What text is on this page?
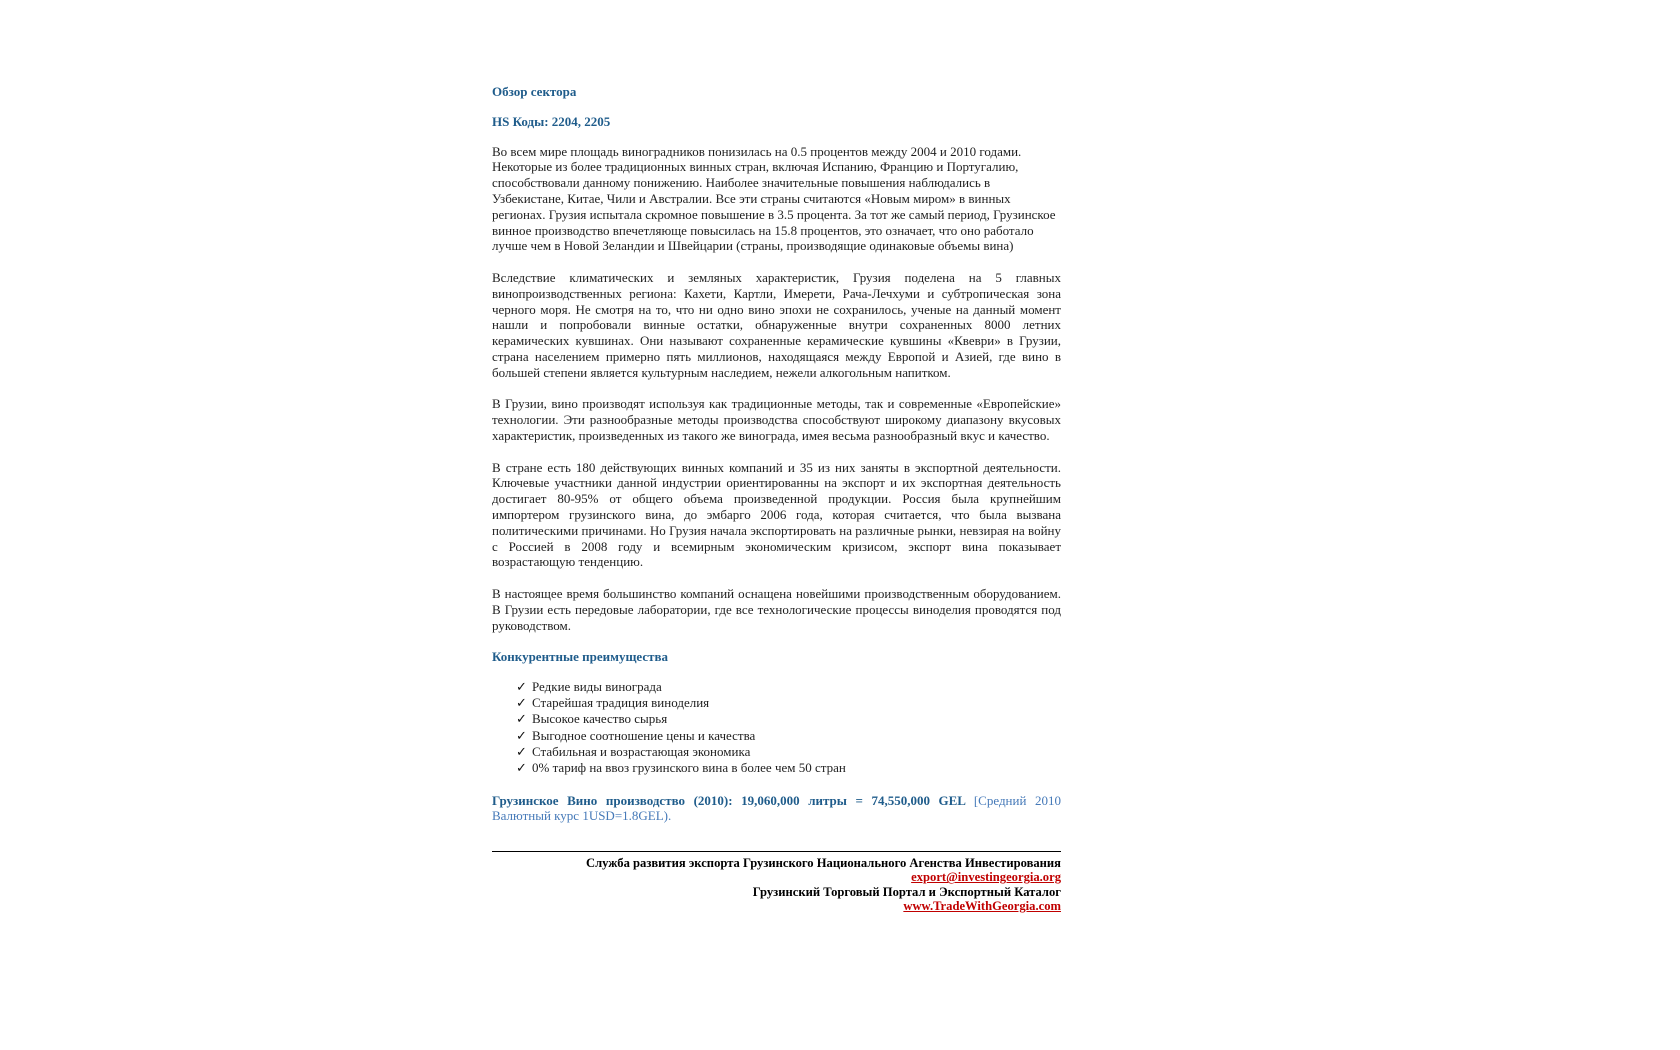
Обзор сектора
HS Коды: 2204, 2205

Во всем мире площадь виноградников понизилась на 0.5 процентов между 2004 и 2010 годами. Некоторые из более традиционных винных стран, включая Испанию, Францию и Португалию, способствовали данному понижению. Наиболее значительные повышения наблюдались в Узбекистане, Китае, Чили и Австралии. Все эти страны считаются «Новым миром» в винных регионах. Грузия испытала скромное повышение в 3.5 процента. За тот же самый период, Грузинское винное производство впечетляюще повысилась на 15.8 процентов, это означает, что оно работало лучше чем в Новой Зеландии и Швейцарии (страны, производящие одинаковые объемы вина)

Вследствие климатических и земляных характеристик, Грузия поделена на 5 главных винопроизводственных региона: Кахети, Картли, Имерети, Рача-Лечхуми и субтропическая зона черного моря. Не смотря на то, что ни одно вино эпохи не сохранилось, ученые на данный момент нашли и попробовали винные остатки, обнаруженные внутри сохраненных 8000 летних керамических кувшинах. Они называют сохраненные керамические кувшины «Квеври» в Грузии, страна населением примерно пять миллионов, находящаяся между Европой и Азией, где вино в большей степени является культурным наследием, нежели алкогольным напитком.

В Грузии, вино производят используя как традиционные методы, так и современные «Европейские» технологии. Эти разнообразные методы производства способствуют широкому диапазону вкусовых характеристик, произведенных из такого же винограда, имея весьма разнообразный вкус и качество.

В стране есть 180 действующих винных компаний и 35 из них заняты в экспортной деятельности. Ключевые участники данной индустрии ориентированны на экспорт и их экспортная деятельность достигает 80-95% от общего объема произведенной продукции. Россия была крупнейшим импортером грузинского вина, до эмбарго 2006 года, которая считается, что была вызвана политическими причинами. Но Грузия начала экспортировать на различные рынки, невзирая на войну с Россией в 2008 году и всемирным экономическим кризисом, экспорт вина показывает возрастающую тенденцию.

В настоящее время большинство компаний оснащена новейшими производственным оборудованием. В Грузии есть передовые лаборатории, где все технологические процессы виноделия проводятся под руководством.

Конкурентные преимущества
✓ Редкие виды винограда
✓ Старейшая традиция виноделия
✓ Высокое качество сырья
✓ Выгодное соотношение цены и качества
✓ Стабильная и возрастающая экономика
✓ 0% тариф на ввоз грузинского вина в более чем 50 стран

Грузинское Вино производство (2010): 19,060,000 литры = 74,550,000 GEL [Средний 2010 Валютный курс 1USD=1.8GEL).

Служба развития экспорта Грузинского Национального Агенства Инвестирования
export@investingeorgia.org
Грузинский Торговый Портал и Экспортный Каталог
www.TradeWithGeorgia.com
